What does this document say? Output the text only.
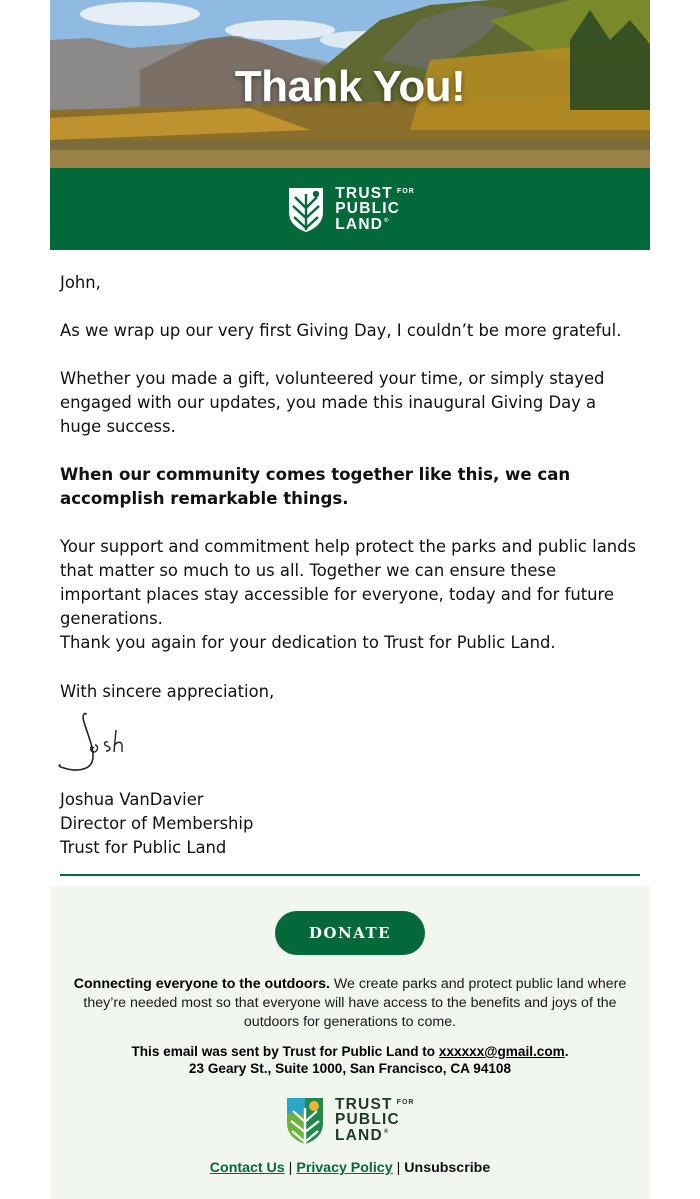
Thank You!
TRUST $^{FOR}$
PUBLIC
LAND®

John,

As we wrap up our very first Giving Day, I couldn’t be more grateful.

Whether you made a gift, volunteered your time, or simply stayed engaged with our updates, you made this inaugural Giving Day a huge success.

When our community comes together like this, we can accomplish remarkable things.

Your support and commitment help protect the parks and public lands that matter so much to us all. Together we can ensure these important places stay accessible for everyone, today and for future generations.

Thank you again for your dedication to Trust for Public Land.

With sincere appreciation,

Joshua VanDavier

Director of Membership

Trust for Public Land

DONATE
Connecting everyone to the outdoors. We create parks and protect public land where they’re needed most so that everyone will have access to the benefits and joys of the outdoors for generations to come.
This email was sent by Trust for Public Land to xxxxxx@gmail.com.
23 Geary St., Suite 1000, San Francisco, CA 94108
TRUST $^{FOR}$
PUBLIC
LAND®
Contact Us | Privacy Policy | Unsubscribe
